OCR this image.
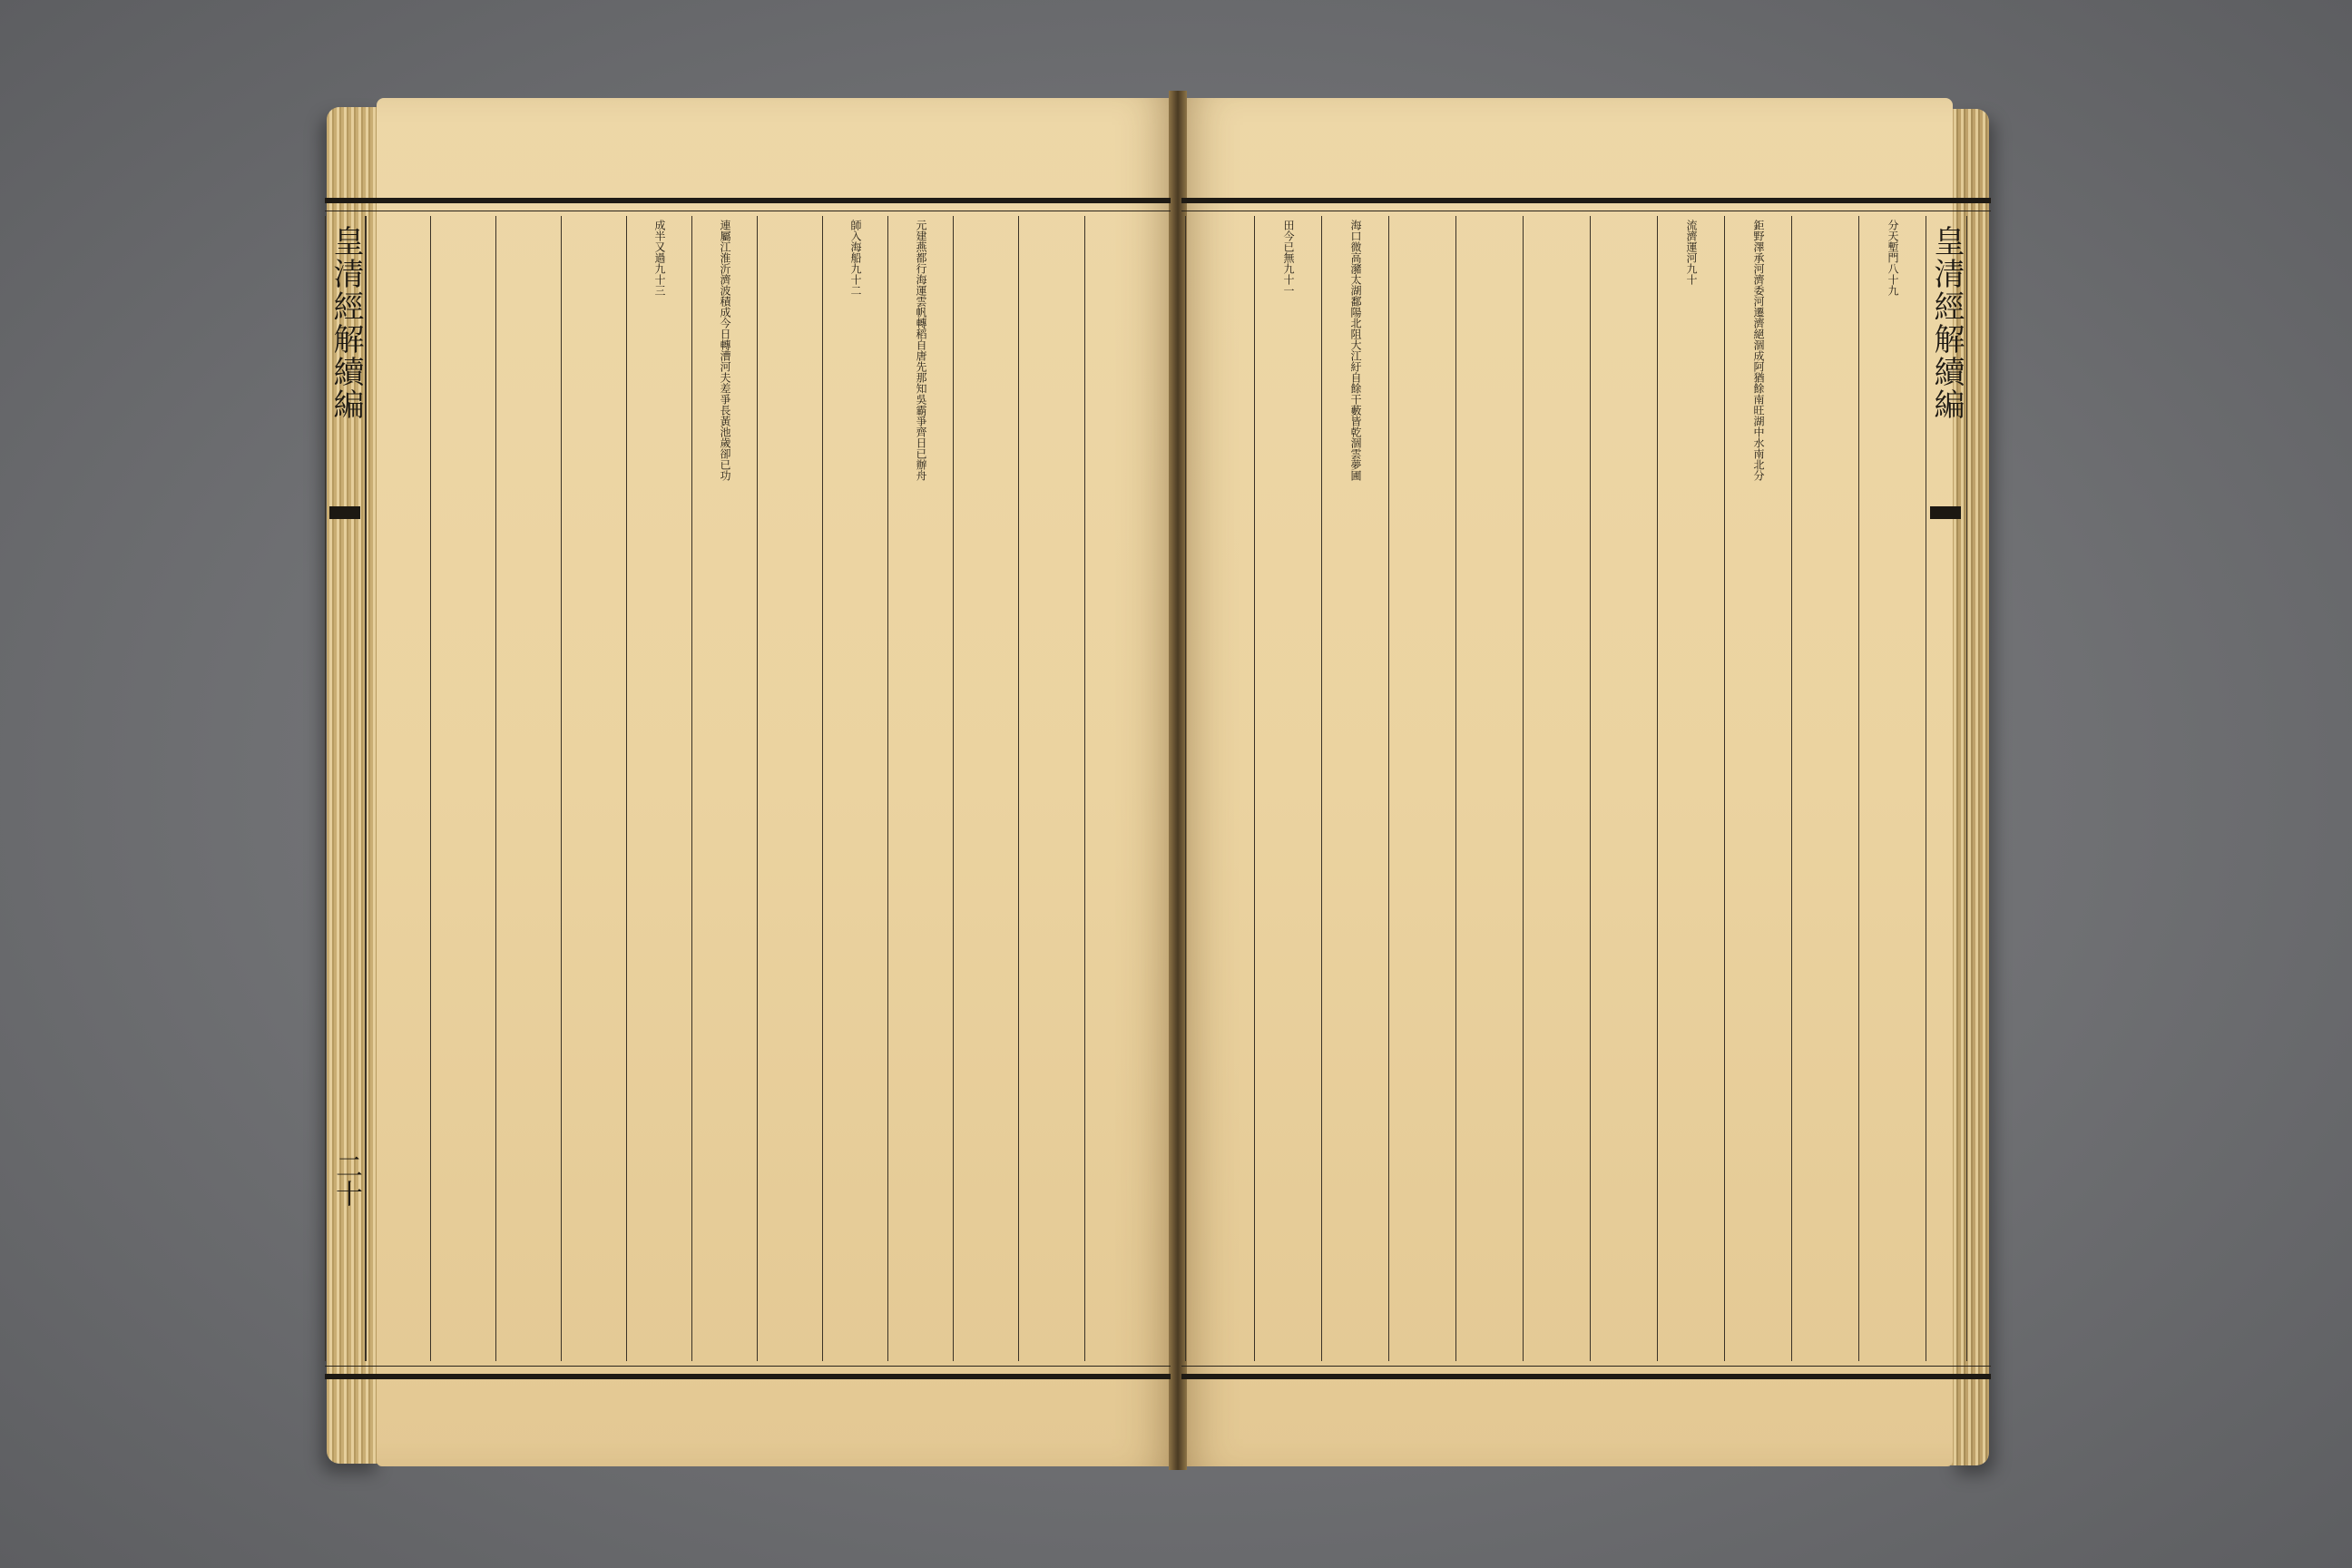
皇清經解續編
二十
成半又過九十三	連屬江淮沂濟波積成今日轉漕河夫差爭長黃池歲卻已功	師入海船九十二	元建燕都行海運雲帆轉稻自唐先那知吳霸爭齊日已辦舟	田今已無九十一	海口微高瀦太湖鄱陽北阻大江紆自餘干藪皆乾涸雲夢圃	流濟運河九十	鉅野澤承河濟委河遷濟絕涸成阿猶餘南旺湖中水南北分	分天塹門八十九 皇清經解續編
